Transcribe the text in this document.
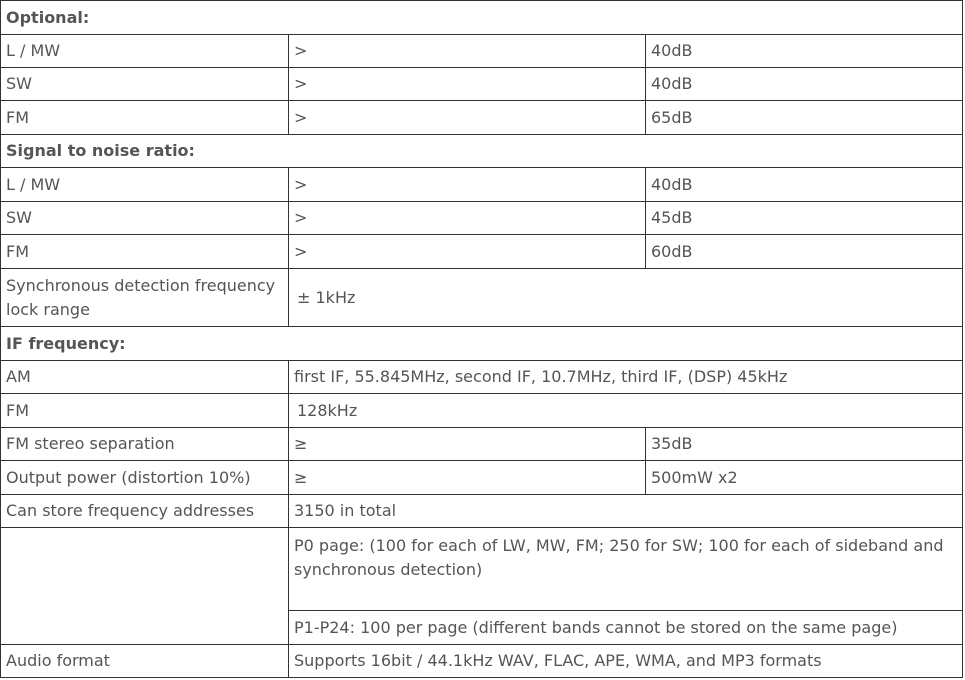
Optional:		
L / MW	>	40dB
SW	>	40dB
FM	>	65dB
Signal to noise ratio:		
L / MW	>	40dB
SW	>	45dB
FM	>	60dB
Synchronous detection frequency lock range	± 1kHz	
IF frequency:		
AM	first IF, 55.845MHz, second IF, 10.7MHz, third IF, (DSP) 45kHz	
FM	128kHz	
FM stereo separation	≥	35dB
Output power (distortion 10%)	≥	500mW x2
Can store frequency addresses	3150 in total	
	P0 page: (100 for each of LW, MW, FM; 250 for SW; 100 for each of sideband and synchronous detection)	
	P1-P24: 100 per page (different bands cannot be stored on the same page)	
Audio format	Supports 16bit / 44.1kHz WAV, FLAC, APE, WMA, and MP3 formats	
